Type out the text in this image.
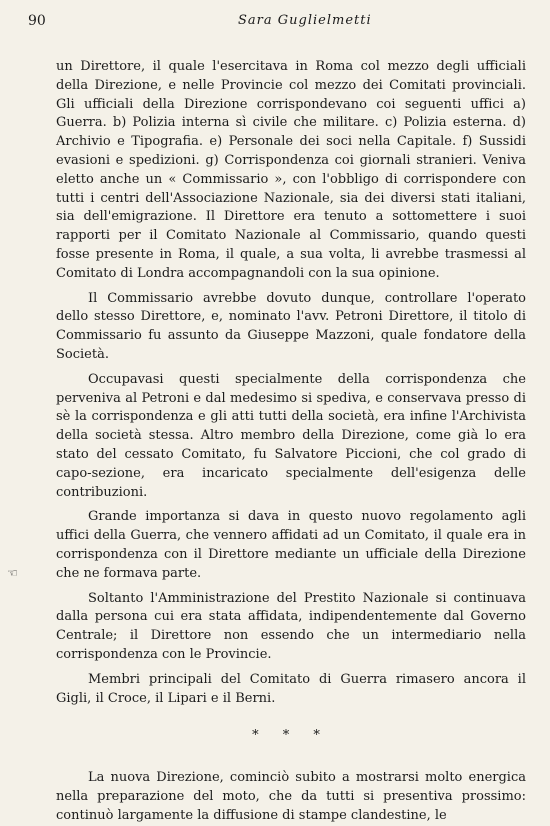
90	Sara Guglielmetti
☜

un Direttore, il quale l'esercitava in Roma col mezzo degli ufficiali della Direzione, e nelle Provincie col mezzo dei Comitati provinciali. Gli ufficiali della Direzione corrispondevano coi seguenti uffici a) Guerra. b) Polizia interna sì civile che militare. c) Polizia esterna. d) Archivio e Tipografia. e) Personale dei soci nella Capitale. f) Sussidi evasioni e spedizioni. g) Corrispondenza coi giornali stranieri. Veniva eletto anche un « Commissario », con l'obbligo di corrispondere con tutti i centri dell'Associazione Nazionale, sia dei diversi stati italiani, sia dell'emigrazione. Il Direttore era tenuto a sottomettere i suoi rapporti per il Comitato Nazionale al Commissario, quando questi fosse presente in Roma, il quale, a sua volta, li avrebbe trasmessi al Comitato di Londra accompagnandoli con la sua opinione.

Il Commissario avrebbe dovuto dunque, controllare l'operato dello stesso Direttore, e, nominato l'avv. Petroni Direttore, il titolo di Commissario fu assunto da Giuseppe Mazzoni, quale fondatore della Società.

Occupavasi questi specialmente della corrispondenza che perveniva al Petroni e dal medesimo si spediva, e conservava presso di sè la corrispondenza e gli atti tutti della società, era infine l'Archivista della società stessa. Altro membro della Direzione, come già lo era stato del cessato Comitato, fu Salvatore Piccioni, che col grado di capo-sezione, era incaricato specialmente dell'esigenza delle contribuzioni.

Grande importanza si dava in questo nuovo regolamento agli uffici della Guerra, che vennero affidati ad un Comitato, il quale era in corrispondenza con il Direttore mediante un ufficiale della Direzione che ne formava parte.

Soltanto l'Amministrazione del Prestito Nazionale si continuava dalla persona cui era stata affidata, indipendentemente dal Governo Centrale; il Direttore non essendo che un intermediario nella corrispondenza con le Provincie.

Membri principali del Comitato di Guerra rimasero ancora il Gigli, il Croce, il Lipari e il Berni.

* * *

La nuova Direzione, cominciò subito a mostrarsi molto energica nella preparazione del moto, che da tutti si presentiva prossimo: continuò largamente la diffusione di stampe clandestine, le
